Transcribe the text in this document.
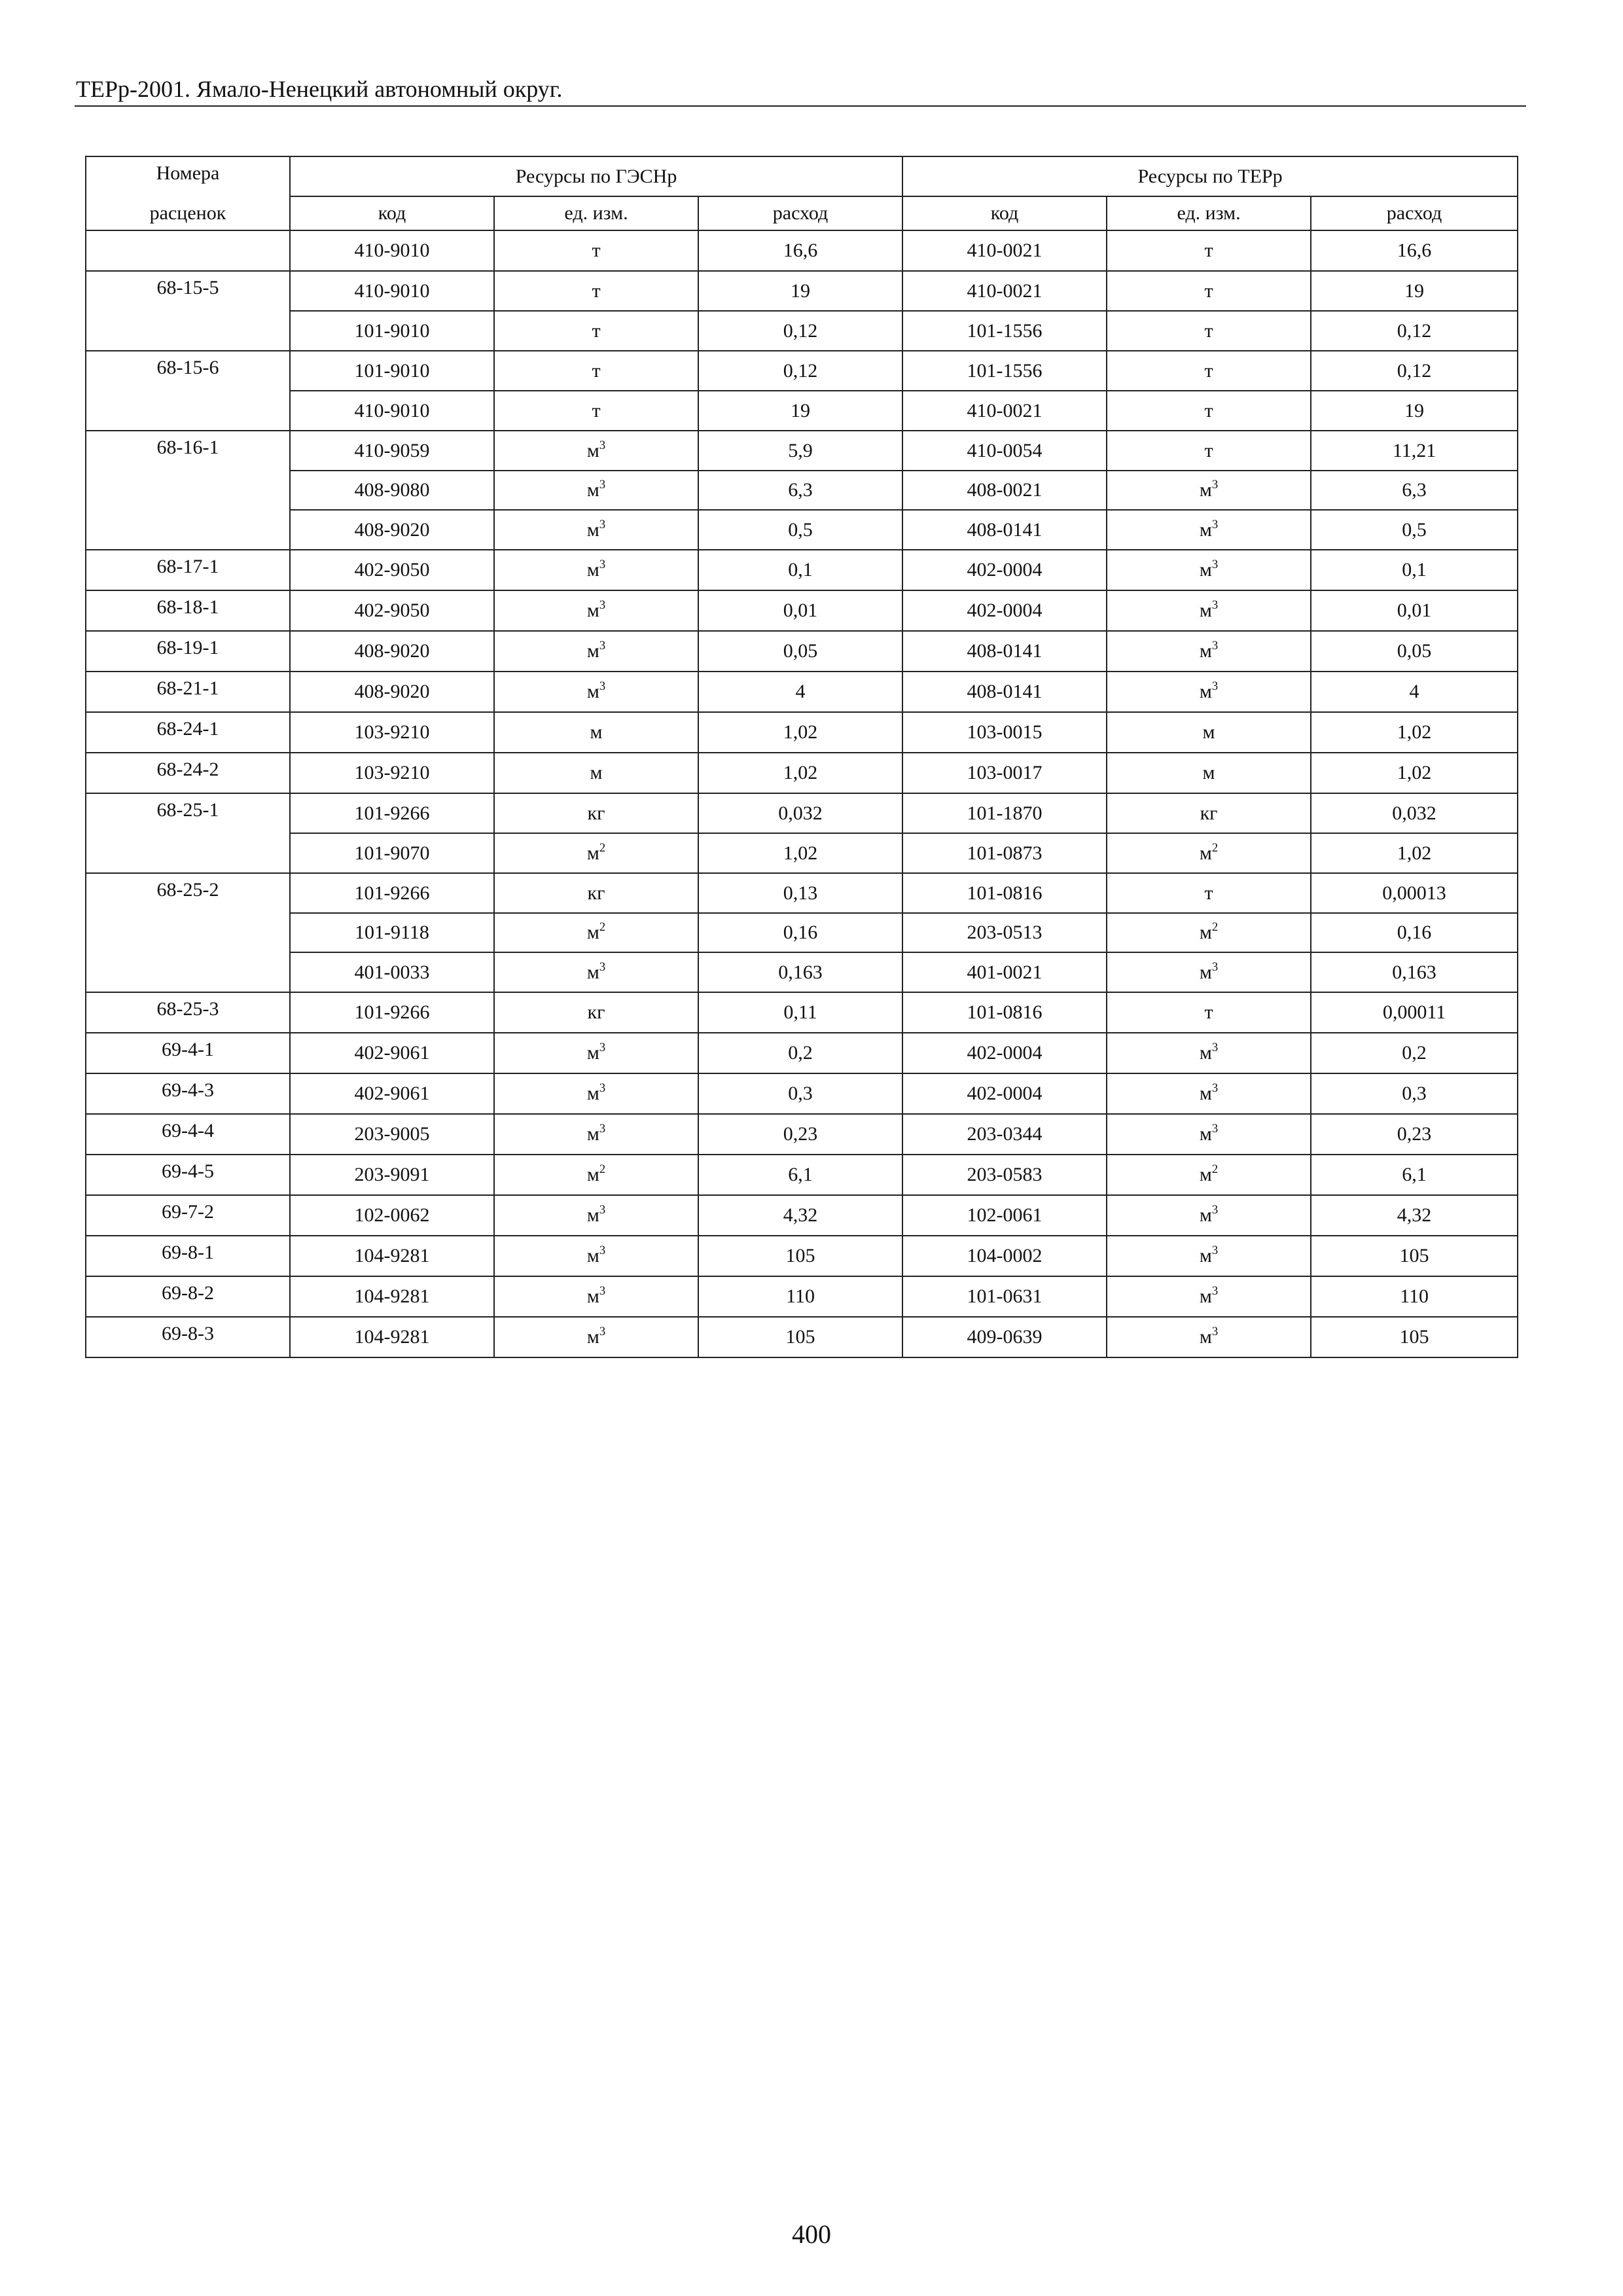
ТЕРр-2001. Ямало-Ненецкий автономный округ.
Номера	Ресурсы по ГЭСНр			Ресурсы по ТЕРр		
расценок	код	ед. изм.	расход	код	ед. изм.	расход
	410-9010	т	16,6	410-0021	т	16,6
68-15-5	410-9010	т	19	410-0021	т	19
	101-9010	т	0,12	101-1556	т	0,12
68-15-6	101-9010	т	0,12	101-1556	т	0,12
	410-9010	т	19	410-0021	т	19
68-16-1	410-9059	$м^3$	5,9	410-0054	т	11,21
	408-9080	$м^3$	6,3	408-0021	$м^3$	6,3
	408-9020	$м^3$	0,5	408-0141	$м^3$	0,5
68-17-1	402-9050	$м^3$	0,1	402-0004	$м^3$	0,1
68-18-1	402-9050	$м^3$	0,01	402-0004	$м^3$	0,01
68-19-1	408-9020	$м^3$	0,05	408-0141	$м^3$	0,05
68-21-1	408-9020	$м^3$	4	408-0141	$м^3$	4
68-24-1	103-9210	м	1,02	103-0015	м	1,02
68-24-2	103-9210	м	1,02	103-0017	м	1,02
68-25-1	101-9266	кг	0,032	101-1870	кг	0,032
	101-9070	$м^2$	1,02	101-0873	$м^2$	1,02
68-25-2	101-9266	кг	0,13	101-0816	т	0,00013
	101-9118	$м^2$	0,16	203-0513	$м^2$	0,16
	401-0033	$м^3$	0,163	401-0021	$м^3$	0,163
68-25-3	101-9266	кг	0,11	101-0816	т	0,00011
69-4-1	402-9061	$м^3$	0,2	402-0004	$м^3$	0,2
69-4-3	402-9061	$м^3$	0,3	402-0004	$м^3$	0,3
69-4-4	203-9005	$м^3$	0,23	203-0344	$м^3$	0,23
69-4-5	203-9091	$м^2$	6,1	203-0583	$м^2$	6,1
69-7-2	102-0062	$м^3$	4,32	102-0061	$м^3$	4,32
69-8-1	104-9281	$м^3$	105	104-0002	$м^3$	105
69-8-2	104-9281	$м^3$	110	101-0631	$м^3$	110
69-8-3	104-9281	$м^3$	105	409-0639	$м^3$	105
400
